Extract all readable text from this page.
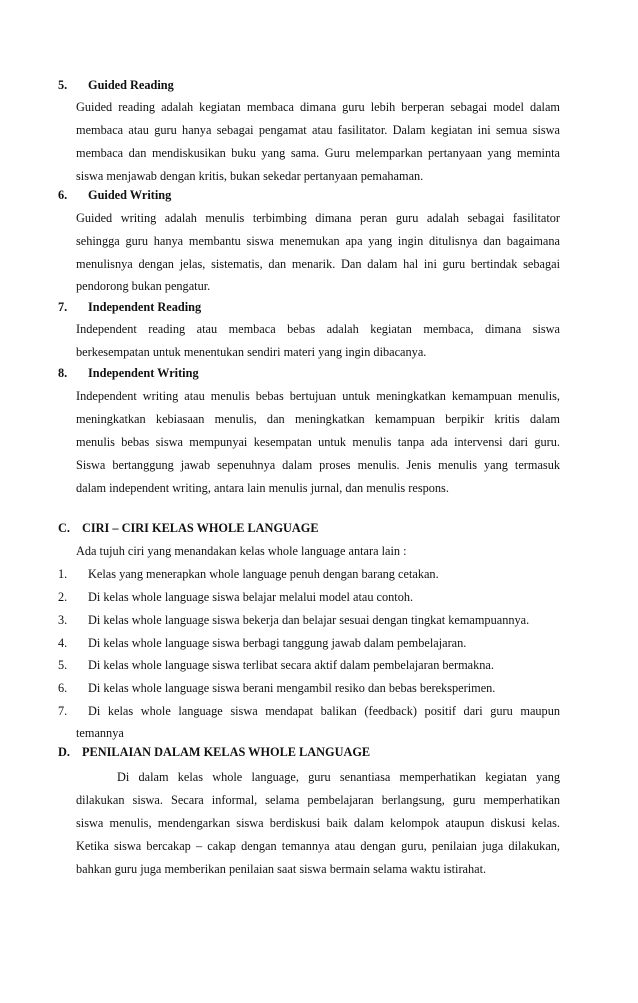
5. Guided Reading
Guided reading adalah kegiatan membaca dimana guru lebih berperan sebagai model dalam
membaca atau guru hanya sebagai pengamat atau fasilitator. Dalam kegiatan ini semua siswa
membaca dan mendiskusikan buku yang sama. Guru melemparkan pertanyaan yang meminta
siswa menjawab dengan kritis, bukan sekedar pertanyaan pemahaman.
6. Guided Writing
Guided writing adalah menulis terbimbing dimana peran guru adalah sebagai fasilitator
sehingga guru hanya membantu siswa menemukan apa yang ingin ditulisnya dan bagaimana
menulisnya dengan jelas, sistematis, dan menarik. Dan dalam hal ini guru bertindak sebagai
pendorong bukan pengatur.
7. Independent Reading
Independent reading atau membaca bebas adalah kegiatan membaca, dimana siswa
berkesempatan untuk menentukan sendiri materi yang ingin dibacanya.
8. Independent Writing
Independent writing atau menulis bebas bertujuan untuk meningkatkan kemampuan menulis,
meningkatkan kebiasaan menulis, dan meningkatkan kemampuan berpikir kritis dalam
menulis bebas siswa mempunyai kesempatan untuk menulis tanpa ada intervensi dari guru.
Siswa bertanggung jawab sepenuhnya dalam proses menulis. Jenis menulis yang termasuk
dalam independent writing, antara lain menulis jurnal, dan menulis respons.
C. CIRI – CIRI KELAS WHOLE LANGUAGE
Ada tujuh ciri yang menandakan kelas whole language antara lain :
1. Kelas yang menerapkan whole language penuh dengan barang cetakan.
2. Di kelas whole language siswa belajar melalui model atau contoh.
3. Di kelas whole language siswa bekerja dan belajar sesuai dengan tingkat kemampuannya.
4. Di kelas whole language siswa berbagi tanggung jawab dalam pembelajaran.
5. Di kelas whole language siswa terlibat secara aktif dalam pembelajaran bermakna.
6. Di kelas whole language siswa berani mengambil resiko dan bebas bereksperimen.
7. Di kelas whole language siswa mendapat balikan (feedback) positif dari guru maupun
temannya
D. PENILAIAN DALAM KELAS WHOLE LANGUAGE
Di dalam kelas whole language, guru senantiasa memperhatikan kegiatan yang
dilakukan siswa. Secara informal, selama pembelajaran berlangsung, guru memperhatikan
siswa menulis, mendengarkan siswa berdiskusi baik dalam kelompok ataupun diskusi kelas.
Ketika siswa bercakap – cakap dengan temannya atau dengan guru, penilaian juga dilakukan,
bahkan guru juga memberikan penilaian saat siswa bermain selama waktu istirahat.
